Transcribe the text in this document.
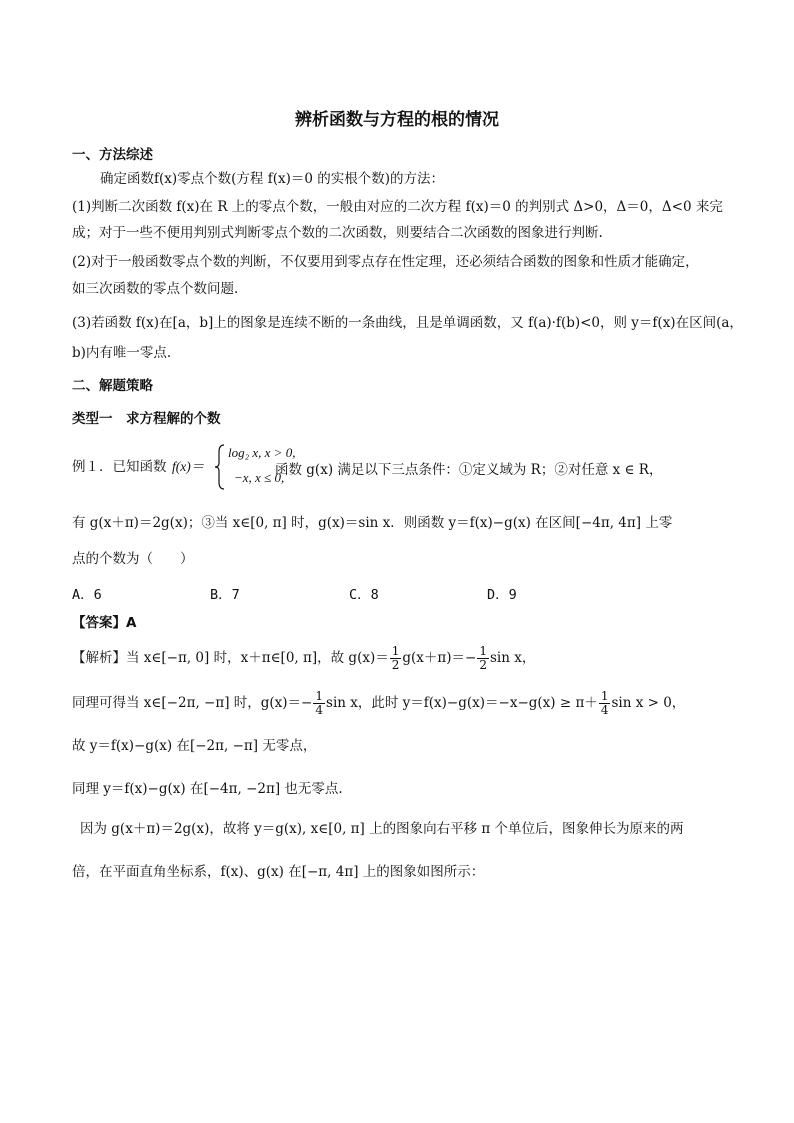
辨析函数与方程的根的情况
一、方法综述
确定函数f(x)零点个数(方程 f(x)＝0 的实根个数)的方法：
(1)判断二次函数 f(x)在 R 上的零点个数，一般由对应的二次方程 f(x)＝0 的判别式 Δ>0，Δ＝0，Δ<0 来完
成；对于一些不便用判别式判断零点个数的二次函数，则要结合二次函数的图象进行判断.
(2)对于一般函数零点个数的判断，不仅要用到零点存在性定理，还必须结合函数的图象和性质才能确定，
如三次函数的零点个数问题.
(3)若函数 f(x)在[a，b]上的图象是连续不断的一条曲线，且是单调函数，又 f(a)·f(b)<0，则 y＝f(x)在区间(a，
b)内有唯一零点.
二、解题策略
类型一　求方程解的个数
例１．已知函数 f(x)＝
log₂ x, x > 0,
−x, x ≤ 0,
函数 g(x) 满足以下三点条件：①定义域为 R；②对任意 x ∈ R，
有 g(x＋π)＝2g(x)；③当 x∈[0, π] 时，g(x)＝sin x．则函数 y＝f(x)−g(x) 在区间[−4π, 4π] 上零
点的个数为（　　）
A．6	B．7	C．8	D．9
【答案】A
【解析】当 x∈[−π, 0] 时，x＋π∈[0, π]，故 $g(x)= \frac{1}{2} g(x+\pi)=- \frac{1}{2}$ sin x，
同理可得当 x∈[−2π, −π] 时，$g(x)=- \frac{1}{4}$ sin x，此时 $y=f(x)-g(x)=-x-g(x) \ge \pi+ \frac{1}{4}$ sin x > 0，
故 y＝f(x)−g(x) 在[−2π, −π] 无零点，
同理 y＝f(x)−g(x) 在[−4π, −2π] 也无零点.
因为 g(x＋π)＝2g(x)，故将 y＝g(x), x∈[0, π] 上的图象向右平移 π 个单位后，图象伸长为原来的两
倍，在平面直角坐标系，f(x)、g(x) 在[−π, 4π] 上的图象如图所示：
